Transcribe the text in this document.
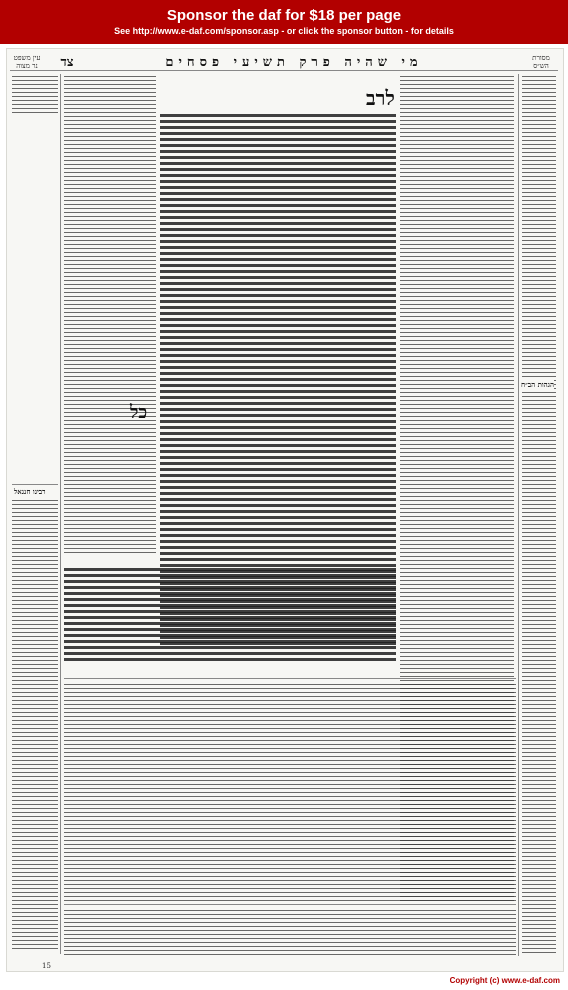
Sponsor the daf for $18 per page
See http://www.e-daf.com/sponsor.asp - or click the sponsor button - for details
מי שהיה פרק תשיעי פסחים
צד	מסורת הש״ס
עין משפט נר מצוה
הגהות הב״ח
לרב
כל
רבינו חננאל
15
Copyright (c) www.e-daf.com
